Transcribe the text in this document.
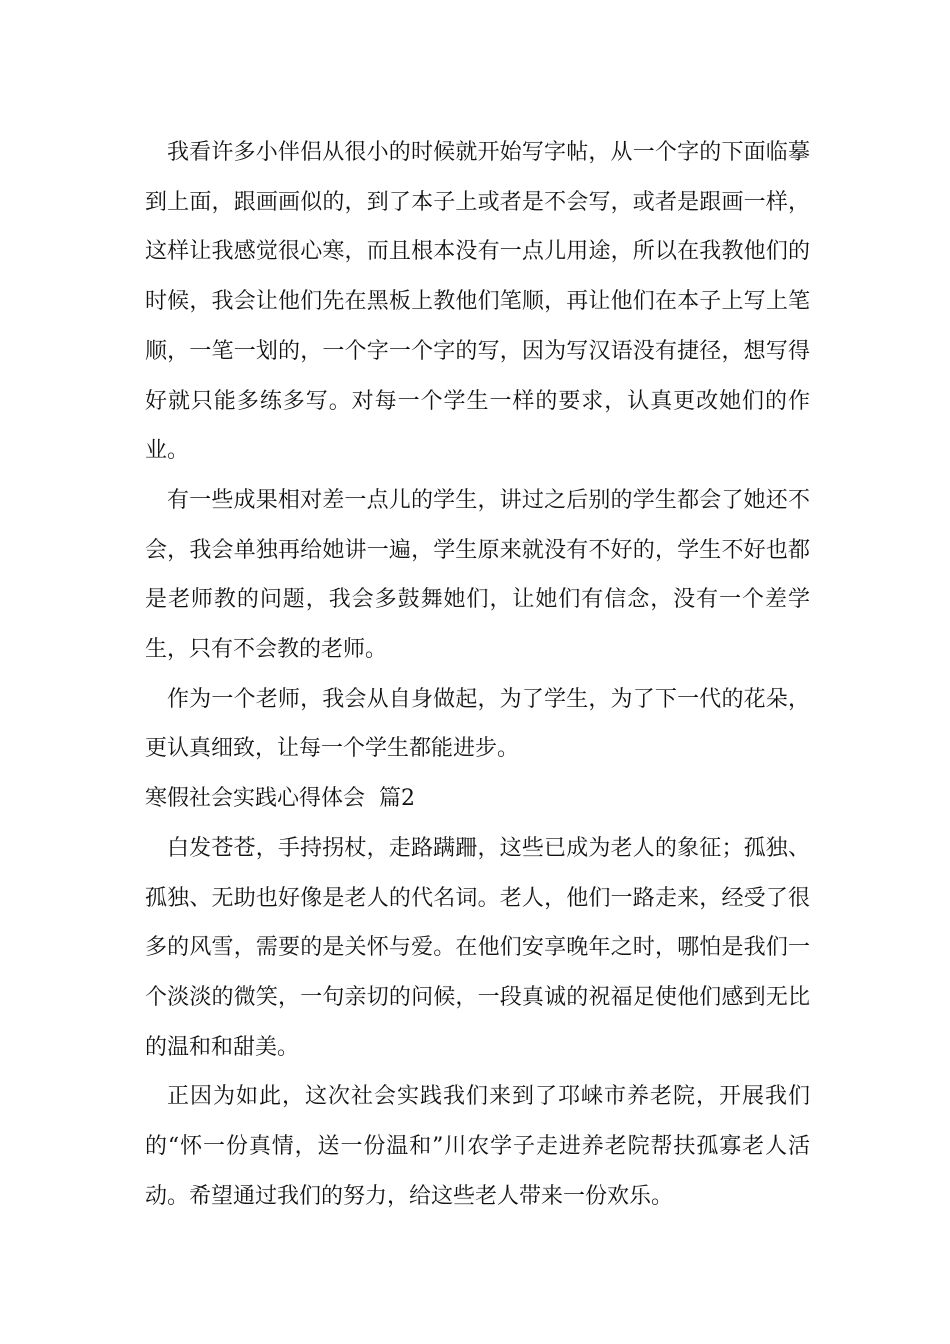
我看许多小伴侣从很小的时候就开始写字帖，从一个字的下面临摹到上面，跟画画似的，到了本子上或者是不会写，或者是跟画一样，这样让我感觉很心寒，而且根本没有一点儿用途，所以在我教他们的时候，我会让他们先在黑板上教他们笔顺，再让他们在本子上写上笔顺，一笔一划的，一个字一个字的写，因为写汉语没有捷径，想写得好就只能多练多写。对每一个学生一样的要求，认真更改她们的作业。

有一些成果相对差一点儿的学生，讲过之后别的学生都会了她还不会，我会单独再给她讲一遍，学生原来就没有不好的，学生不好也都是老师教的问题，我会多鼓舞她们，让她们有信念，没有一个差学生，只有不会教的老师。

作为一个老师，我会从自身做起，为了学生，为了下一代的花朵，更认真细致，让每一个学生都能进步。

寒假社会实践心得体会  篇2

白发苍苍，手持拐杖，走路蹒跚，这些已成为老人的象征；孤独、孤独、无助也好像是老人的代名词。老人，他们一路走来，经受了很多的风雪，需要的是关怀与爱。在他们安享晚年之时，哪怕是我们一个淡淡的微笑，一句亲切的问候，一段真诚的祝福足使他们感到无比的温和和甜美。

正因为如此，这次社会实践我们来到了邛崃市养老院，开展我们的“怀一份真情，送一份温和”川农学子走进养老院帮扶孤寡老人活动。希望通过我们的努力，给这些老人带来一份欢乐。
